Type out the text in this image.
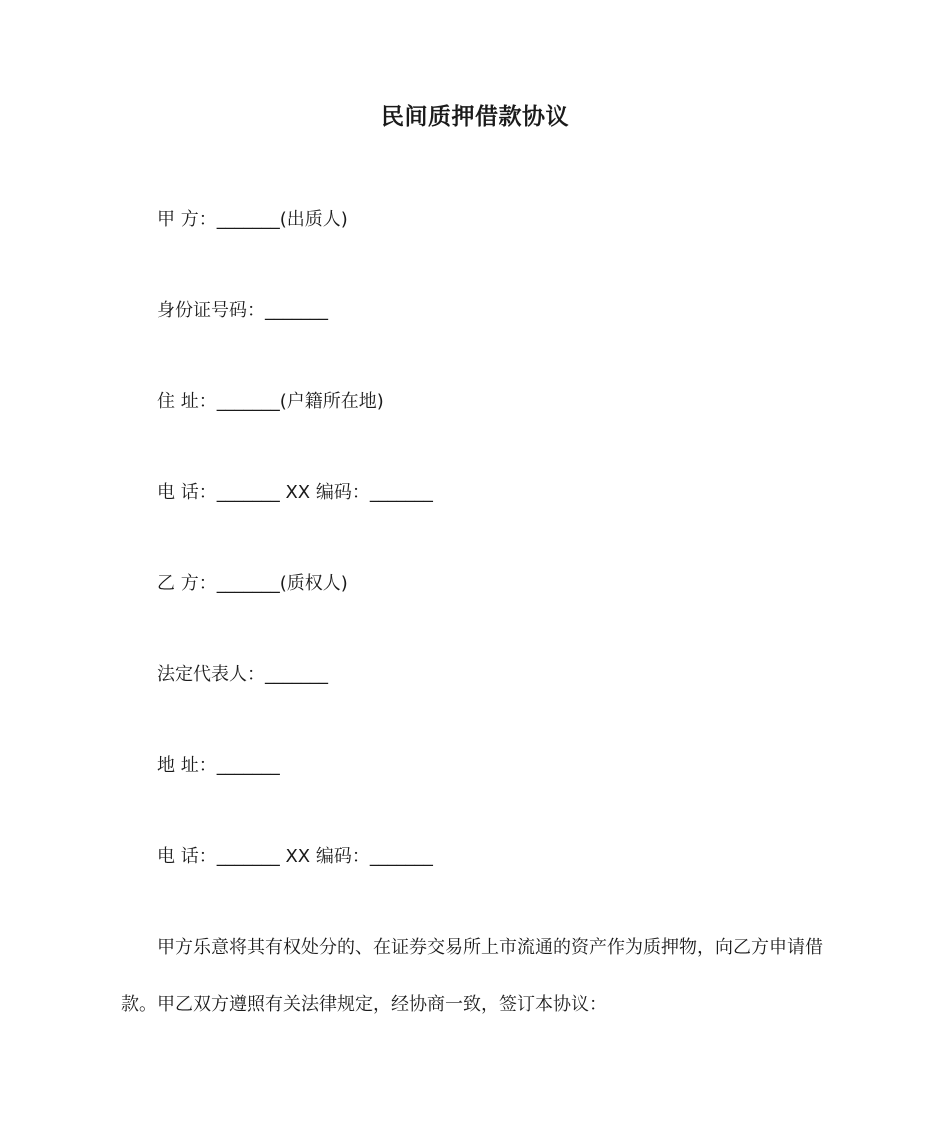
民间质押借款协议
甲 方：_______(出质人)
身份证号码：_______
住 址：_______(户籍所在地)
电 话：_______ XX 编码：_______
乙 方：_______(质权人)
法定代表人：_______
地 址：_______
电 话：_______ XX 编码：_______
甲方乐意将其有权处分的、在证券交易所上市流通的资产作为质押物，向乙方申请借
款。甲乙双方遵照有关法律规定，经协商一致，签订本协议：
